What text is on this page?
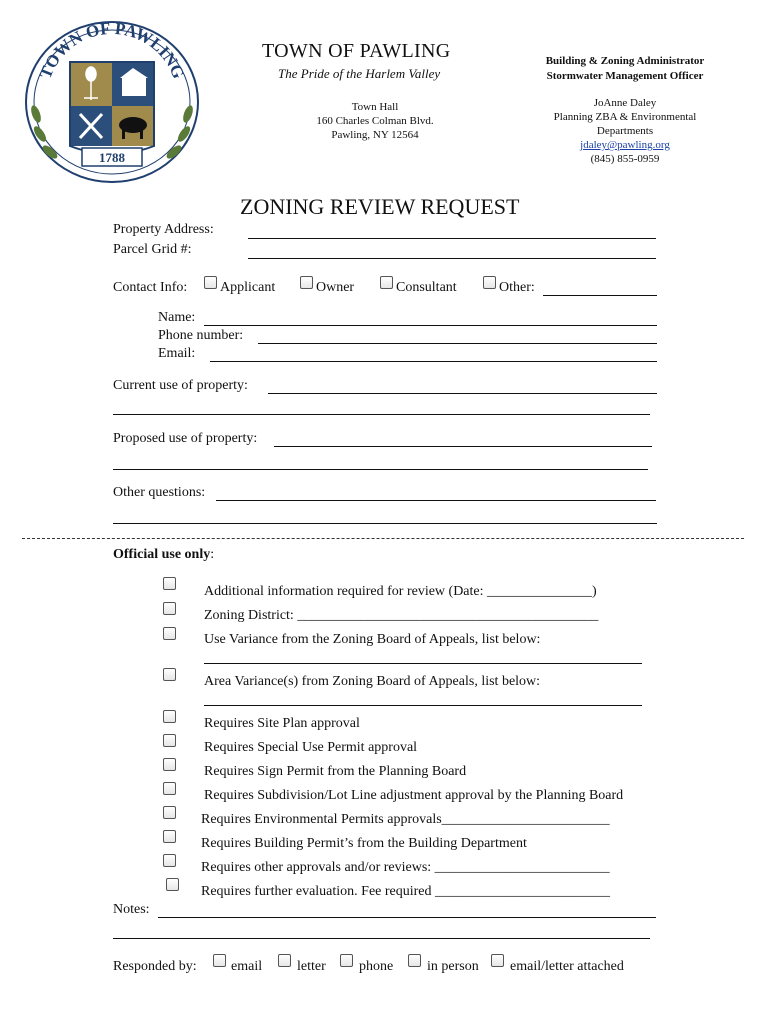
TOWN OF PAWLING
1788
TOWN OF PAWLING
The Pride of the Harlem Valley
Town Hall
160 Charles Colman Blvd.
Pawling, NY 12564
Building & Zoning Administrator
Stormwater Management Officer
JoAnne Daley
Planning ZBA & Environmental
Departments
jdaley@pawling.org
(845) 855-0959
ZONING REVIEW REQUEST
Property Address:
Parcel Grid #:
Contact Info: Applicant	Owner	Consultant	Other:
Name:
Phone number:
Email:
Current use of property:
Proposed use of property:
Other questions:
Official use only:
Additional information required for review (Date: _______________)
Zoning District: ___________________________________________
Use Variance from the Zoning Board of Appeals, list below:
Area Variance(s) from Zoning Board of Appeals, list below:
Requires Site Plan approval
Requires Special Use Permit approval
Requires Sign Permit from the Planning Board
Requires Subdivision/Lot Line adjustment approval by the Planning Board
Requires Environmental Permits approvals________________________
Requires Building Permit’s from the Building Department
Requires other approvals and/or reviews: _________________________
Requires further evaluation. Fee required _________________________
Notes:
Responded by: email letter phone in person email/letter attached
